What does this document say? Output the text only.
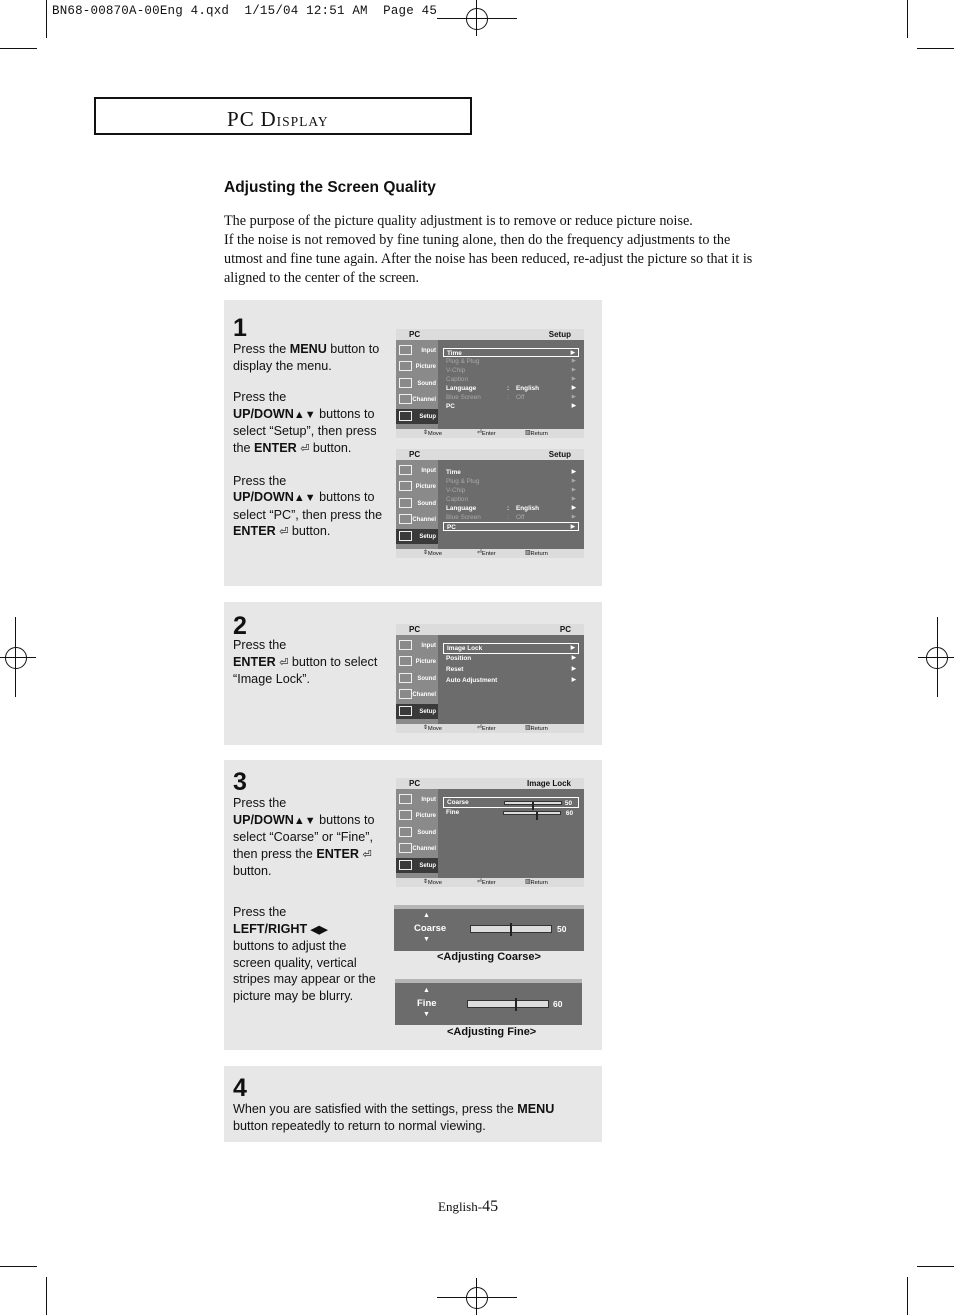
BN68-00870A-00Eng 4.qxd  1/15/04 12:51 AM  Page 45
PC DISPLAY
Adjusting the Screen Quality

The purpose of the picture quality adjustment is to remove or reduce picture noise.

If the noise is not removed by fine tuning alone, then do the frequency adjustments to the utmost and fine tune again. After the noise has been reduced, re-adjust the picture so that it is aligned to the center of the screen.

1

Press the MENU button to display the menu.

Press the
UP/DOWN▲▼ buttons to select “Setup”, then press the ENTER ⏎ button.

Press the
UP/DOWN▲▼ buttons to select “PC”, then press the ENTER ⏎ button.

PC	Setup
Input
Picture
Sound
Channel
Setup
Time	▶
Plug & Plug	▶
V-Chip	▶
Caption	▶
Language	: English	▶
Blue Screen	: Off	▶
PC	▶
⇕ Move	⏎ Enter	▥ Return
PC	Setup
Input
Picture
Sound
Channel
Setup
Time	▶
Plug & Plug	▶
V-Chip	▶
Caption	▶
Language	: English	▶
Blue Screen	: Off	▶
PC	▶
⇕ Move	⏎ Enter	▥ Return
2

Press the
ENTER ⏎ button to select “Image Lock”.

PC	PC
Input
Picture
Sound
Channel
Setup
Image Lock	▶
Position	▶
Reset	▶
Auto Adjustment	▶
⇕ Move	⏎ Enter	▥ Return
3

Press the
UP/DOWN▲▼ buttons to select “Coarse” or “Fine”, then press the ENTER ⏎ button.

Press the
LEFT/RIGHT ◀▶
buttons to adjust the screen quality, vertical stripes may appear or the picture may be blurry.

PC	Image Lock
Input
Picture
Sound
Channel
Setup
Coarse	50
Fine	60
⇕ Move	⏎ Enter	▥ Return
▲
Coarse
▼
50
<Adjusting Coarse>
▲
Fine
▼
60
<Adjusting Fine>
4

When you are satisfied with the settings, press the MENU button repeatedly to return to normal viewing.

English-45
